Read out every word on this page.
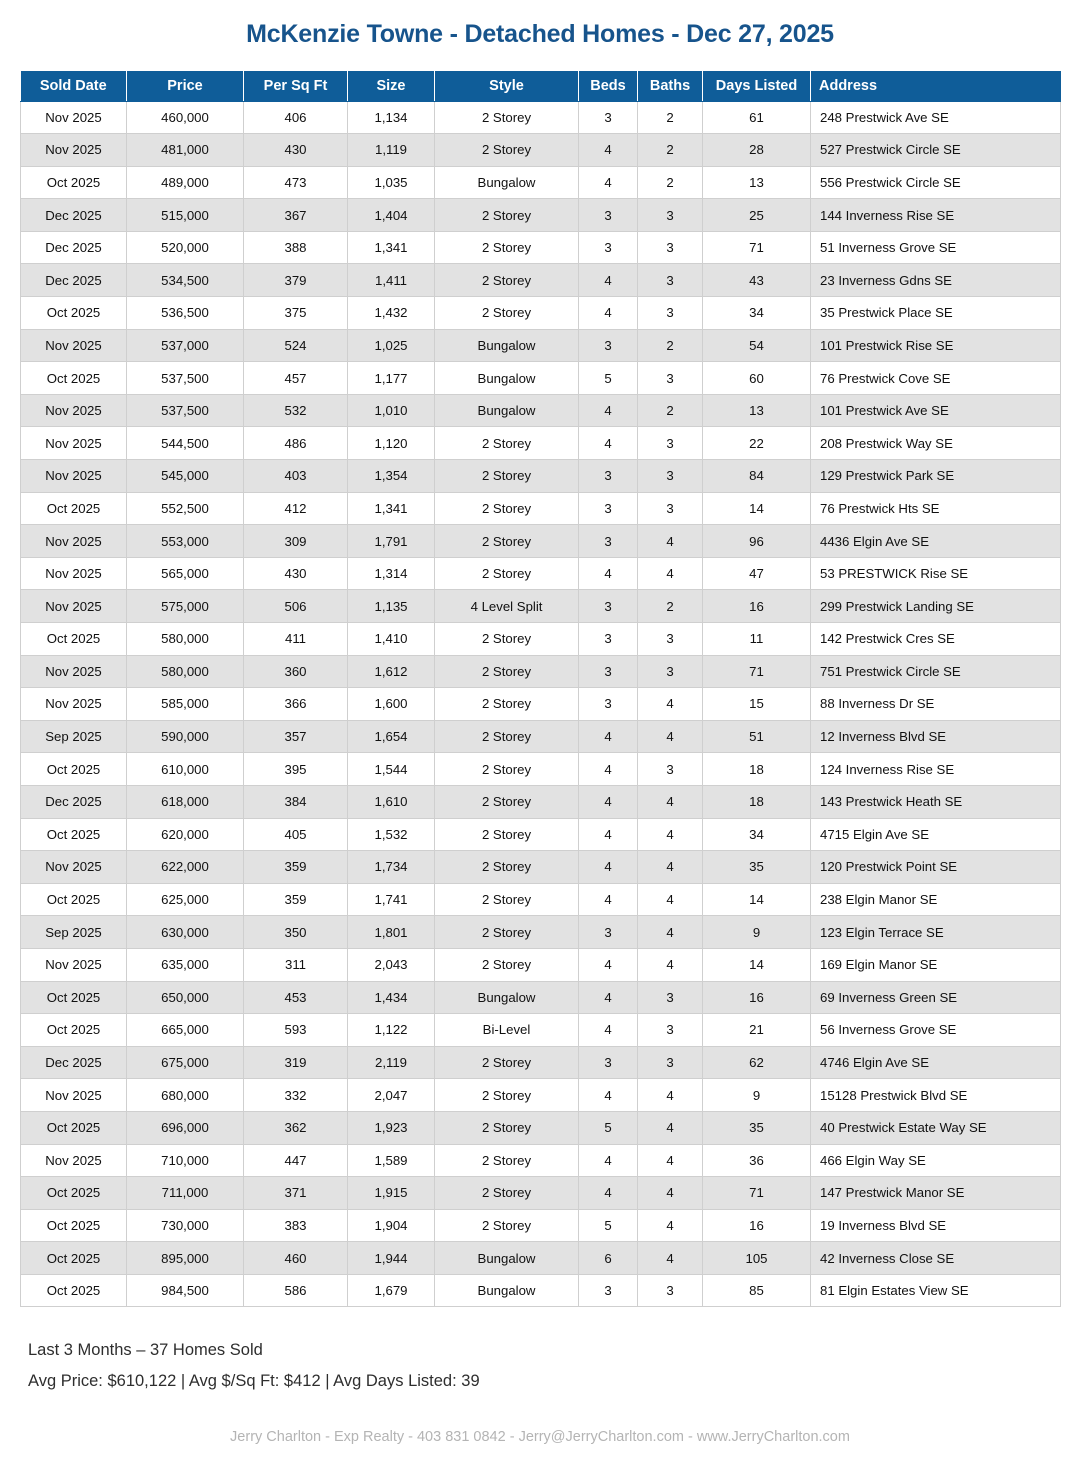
McKenzie Towne - Detached Homes - Dec 27, 2025
Sold Date	Price	Per Sq Ft	Size	Style	Beds	Baths	Days Listed	Address
Nov 2025	460,000	406	1,134	2 Storey	3	2	61	248 Prestwick Ave SE
Nov 2025	481,000	430	1,119	2 Storey	4	2	28	527 Prestwick Circle SE
Oct 2025	489,000	473	1,035	Bungalow	4	2	13	556 Prestwick Circle SE
Dec 2025	515,000	367	1,404	2 Storey	3	3	25	144 Inverness Rise SE
Dec 2025	520,000	388	1,341	2 Storey	3	3	71	51 Inverness Grove SE
Dec 2025	534,500	379	1,411	2 Storey	4	3	43	23 Inverness Gdns SE
Oct 2025	536,500	375	1,432	2 Storey	4	3	34	35 Prestwick Place SE
Nov 2025	537,000	524	1,025	Bungalow	3	2	54	101 Prestwick Rise SE
Oct 2025	537,500	457	1,177	Bungalow	5	3	60	76 Prestwick Cove SE
Nov 2025	537,500	532	1,010	Bungalow	4	2	13	101 Prestwick Ave SE
Nov 2025	544,500	486	1,120	2 Storey	4	3	22	208 Prestwick Way SE
Nov 2025	545,000	403	1,354	2 Storey	3	3	84	129 Prestwick Park SE
Oct 2025	552,500	412	1,341	2 Storey	3	3	14	76 Prestwick Hts SE
Nov 2025	553,000	309	1,791	2 Storey	3	4	96	4436 Elgin Ave SE
Nov 2025	565,000	430	1,314	2 Storey	4	4	47	53 PRESTWICK Rise SE
Nov 2025	575,000	506	1,135	4 Level Split	3	2	16	299 Prestwick Landing SE
Oct 2025	580,000	411	1,410	2 Storey	3	3	11	142 Prestwick Cres SE
Nov 2025	580,000	360	1,612	2 Storey	3	3	71	751 Prestwick Circle SE
Nov 2025	585,000	366	1,600	2 Storey	3	4	15	88 Inverness Dr SE
Sep 2025	590,000	357	1,654	2 Storey	4	4	51	12 Inverness Blvd SE
Oct 2025	610,000	395	1,544	2 Storey	4	3	18	124 Inverness Rise SE
Dec 2025	618,000	384	1,610	2 Storey	4	4	18	143 Prestwick Heath SE
Oct 2025	620,000	405	1,532	2 Storey	4	4	34	4715 Elgin Ave SE
Nov 2025	622,000	359	1,734	2 Storey	4	4	35	120 Prestwick Point SE
Oct 2025	625,000	359	1,741	2 Storey	4	4	14	238 Elgin Manor SE
Sep 2025	630,000	350	1,801	2 Storey	3	4	9	123 Elgin Terrace SE
Nov 2025	635,000	311	2,043	2 Storey	4	4	14	169 Elgin Manor SE
Oct 2025	650,000	453	1,434	Bungalow	4	3	16	69 Inverness Green SE
Oct 2025	665,000	593	1,122	Bi-Level	4	3	21	56 Inverness Grove SE
Dec 2025	675,000	319	2,119	2 Storey	3	3	62	4746 Elgin Ave SE
Nov 2025	680,000	332	2,047	2 Storey	4	4	9	15128 Prestwick Blvd SE
Oct 2025	696,000	362	1,923	2 Storey	5	4	35	40 Prestwick Estate Way SE
Nov 2025	710,000	447	1,589	2 Storey	4	4	36	466 Elgin Way SE
Oct 2025	711,000	371	1,915	2 Storey	4	4	71	147 Prestwick Manor SE
Oct 2025	730,000	383	1,904	2 Storey	5	4	16	19 Inverness Blvd SE
Oct 2025	895,000	460	1,944	Bungalow	6	4	105	42 Inverness Close SE
Oct 2025	984,500	586	1,679	Bungalow	3	3	85	81 Elgin Estates View SE
Last 3 Months – 37 Homes Sold
Avg Price: $610,122 | Avg $/Sq Ft: $412 | Avg Days Listed: 39
Jerry Charlton - Exp Realty - 403 831 0842 - Jerry@JerryCharlton.com - www.JerryCharlton.com
